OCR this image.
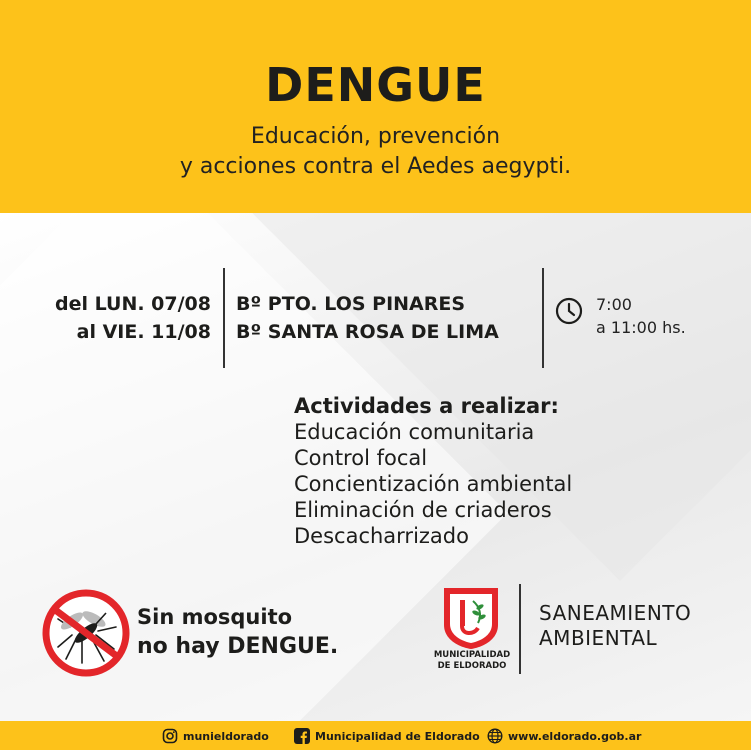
DENGUE
Educación, prevención
y acciones contra el Aedes aegypti.
del LUN. 07/08
al VIE. 11/08
Bº PTO. LOS PINARES
Bº SANTA ROSA DE LIMA
7:00
a 11:00 hs.
Actividades a realizar:
Educación comunitaria
Control focal
Concientización ambiental
Eliminación de criaderos
Descacharrizado
Sin mosquito
no hay DENGUE.	MUNICIPALIDAD
DE ELDORADO
SANEAMIENTO
AMBIENTAL
munieldorado	Municipalidad de Eldorado	www.eldorado.gob.ar
